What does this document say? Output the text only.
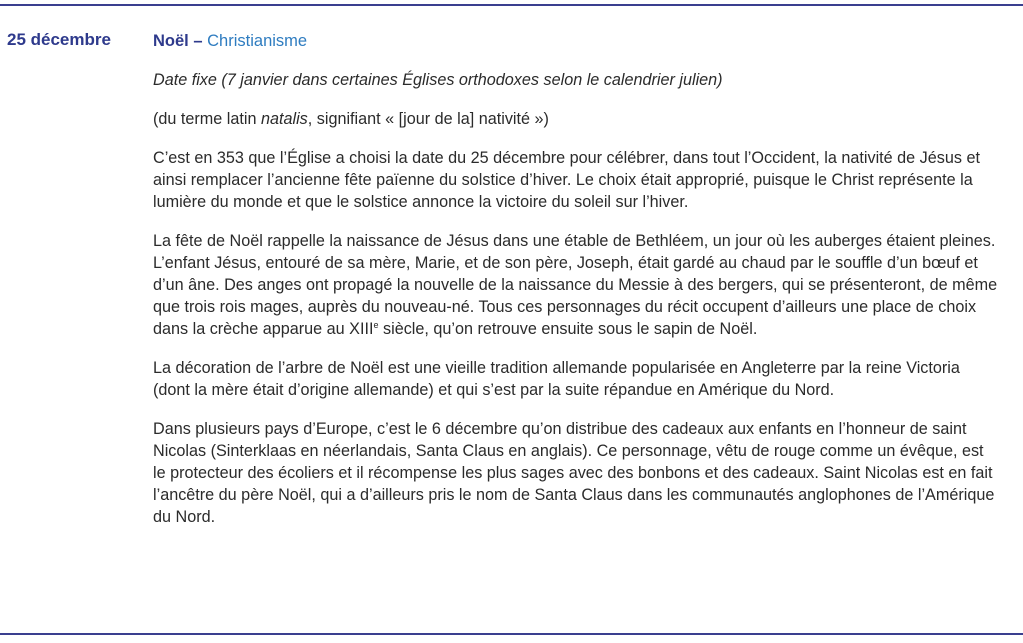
25 décembre	Noël – Christianisme

Date fixe (7 janvier dans certaines Églises orthodoxes selon le calendrier julien)

(du terme latin natalis, signifiant « [jour de la] nativité »)

C’est en 353 que l’Église a choisi la date du 25 décembre pour célébrer, dans tout l’Occident, la nativité de Jésus et ainsi remplacer l’ancienne fête païenne du solstice d’hiver. Le choix était approprié, puisque le Christ représente la lumière du monde et que le solstice annonce la victoire du soleil sur l’hiver.

La fête de Noël rappelle la naissance de Jésus dans une étable de Bethléem, un jour où les auberges étaient pleines. L’enfant Jésus, entouré de sa mère, Marie, et de son père, Joseph, était gardé au chaud par le souffle d’un bœuf et d’un âne. Des anges ont propagé la nouvelle de la naissance du Messie à des bergers, qui se présenteront, de même que trois rois mages, auprès du nouveau-né. Tous ces personnages du récit occupent d’ailleurs une place de choix dans la crèche apparue au XIIIe siècle, qu’on retrouve ensuite sous le sapin de Noël.

La décoration de l’arbre de Noël est une vieille tradition allemande popularisée en Angleterre par la reine Victoria (dont la mère était d’origine allemande) et qui s’est par la suite répandue en Amérique du Nord.

Dans plusieurs pays d’Europe, c’est le 6 décembre qu’on distribue des cadeaux aux enfants en l’honneur de saint Nicolas (Sinterklaas en néerlandais, Santa Claus en anglais). Ce personnage, vêtu de rouge comme un évêque, est le protecteur des écoliers et il récompense les plus sages avec des bonbons et des cadeaux. Saint Nicolas est en fait l’ancêtre du père Noël, qui a d’ailleurs pris le nom de Santa Claus dans les communautés anglophones de l’Amérique du Nord.
